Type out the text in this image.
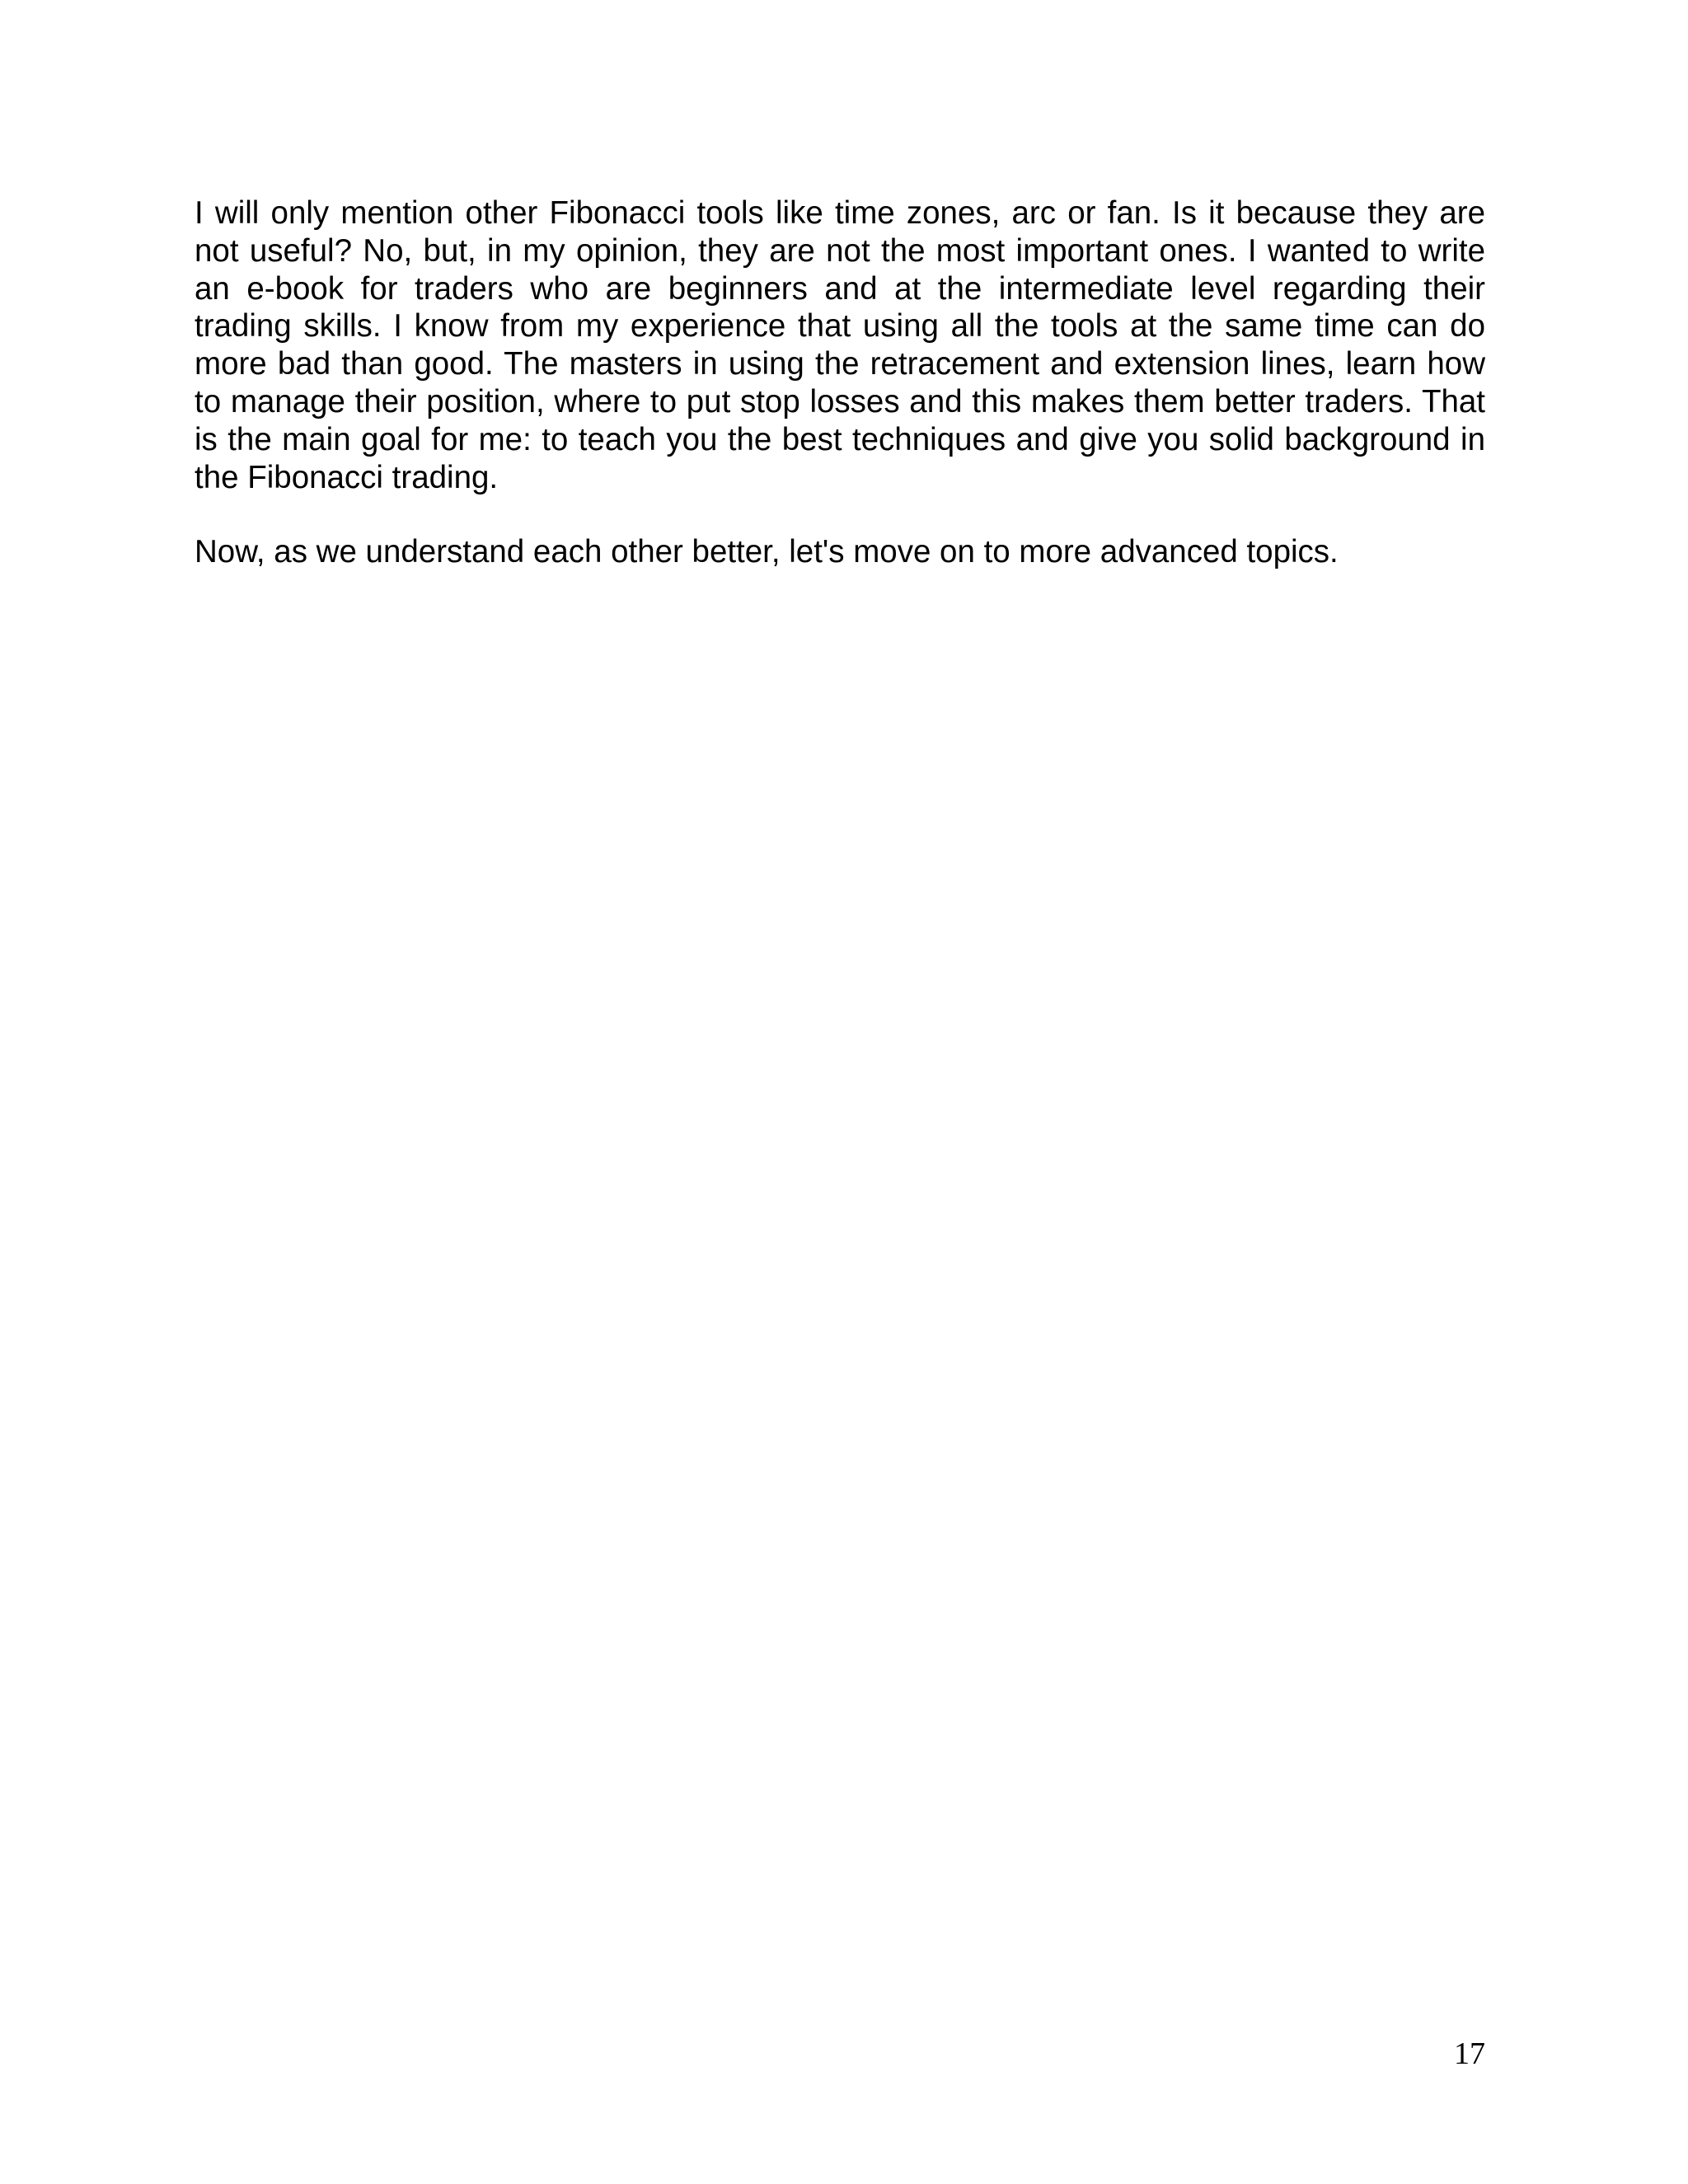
I will only mention other Fibonacci tools like time zones, arc or fan. Is it because they are not useful? No, but, in my opinion, they are not the most important ones. I wanted to write an e-book for traders who are beginners and at the intermediate level regarding their trading skills. I know from my experience that using all the tools at the same time can do more bad than good. The masters in using the retracement and extension lines, learn how to manage their position, where to put stop losses and this makes them better traders. That is the main goal for me: to teach you the best techniques and give you solid background in the Fibonacci trading.

Now, as we understand each other better, let's move on to more advanced topics.

17
